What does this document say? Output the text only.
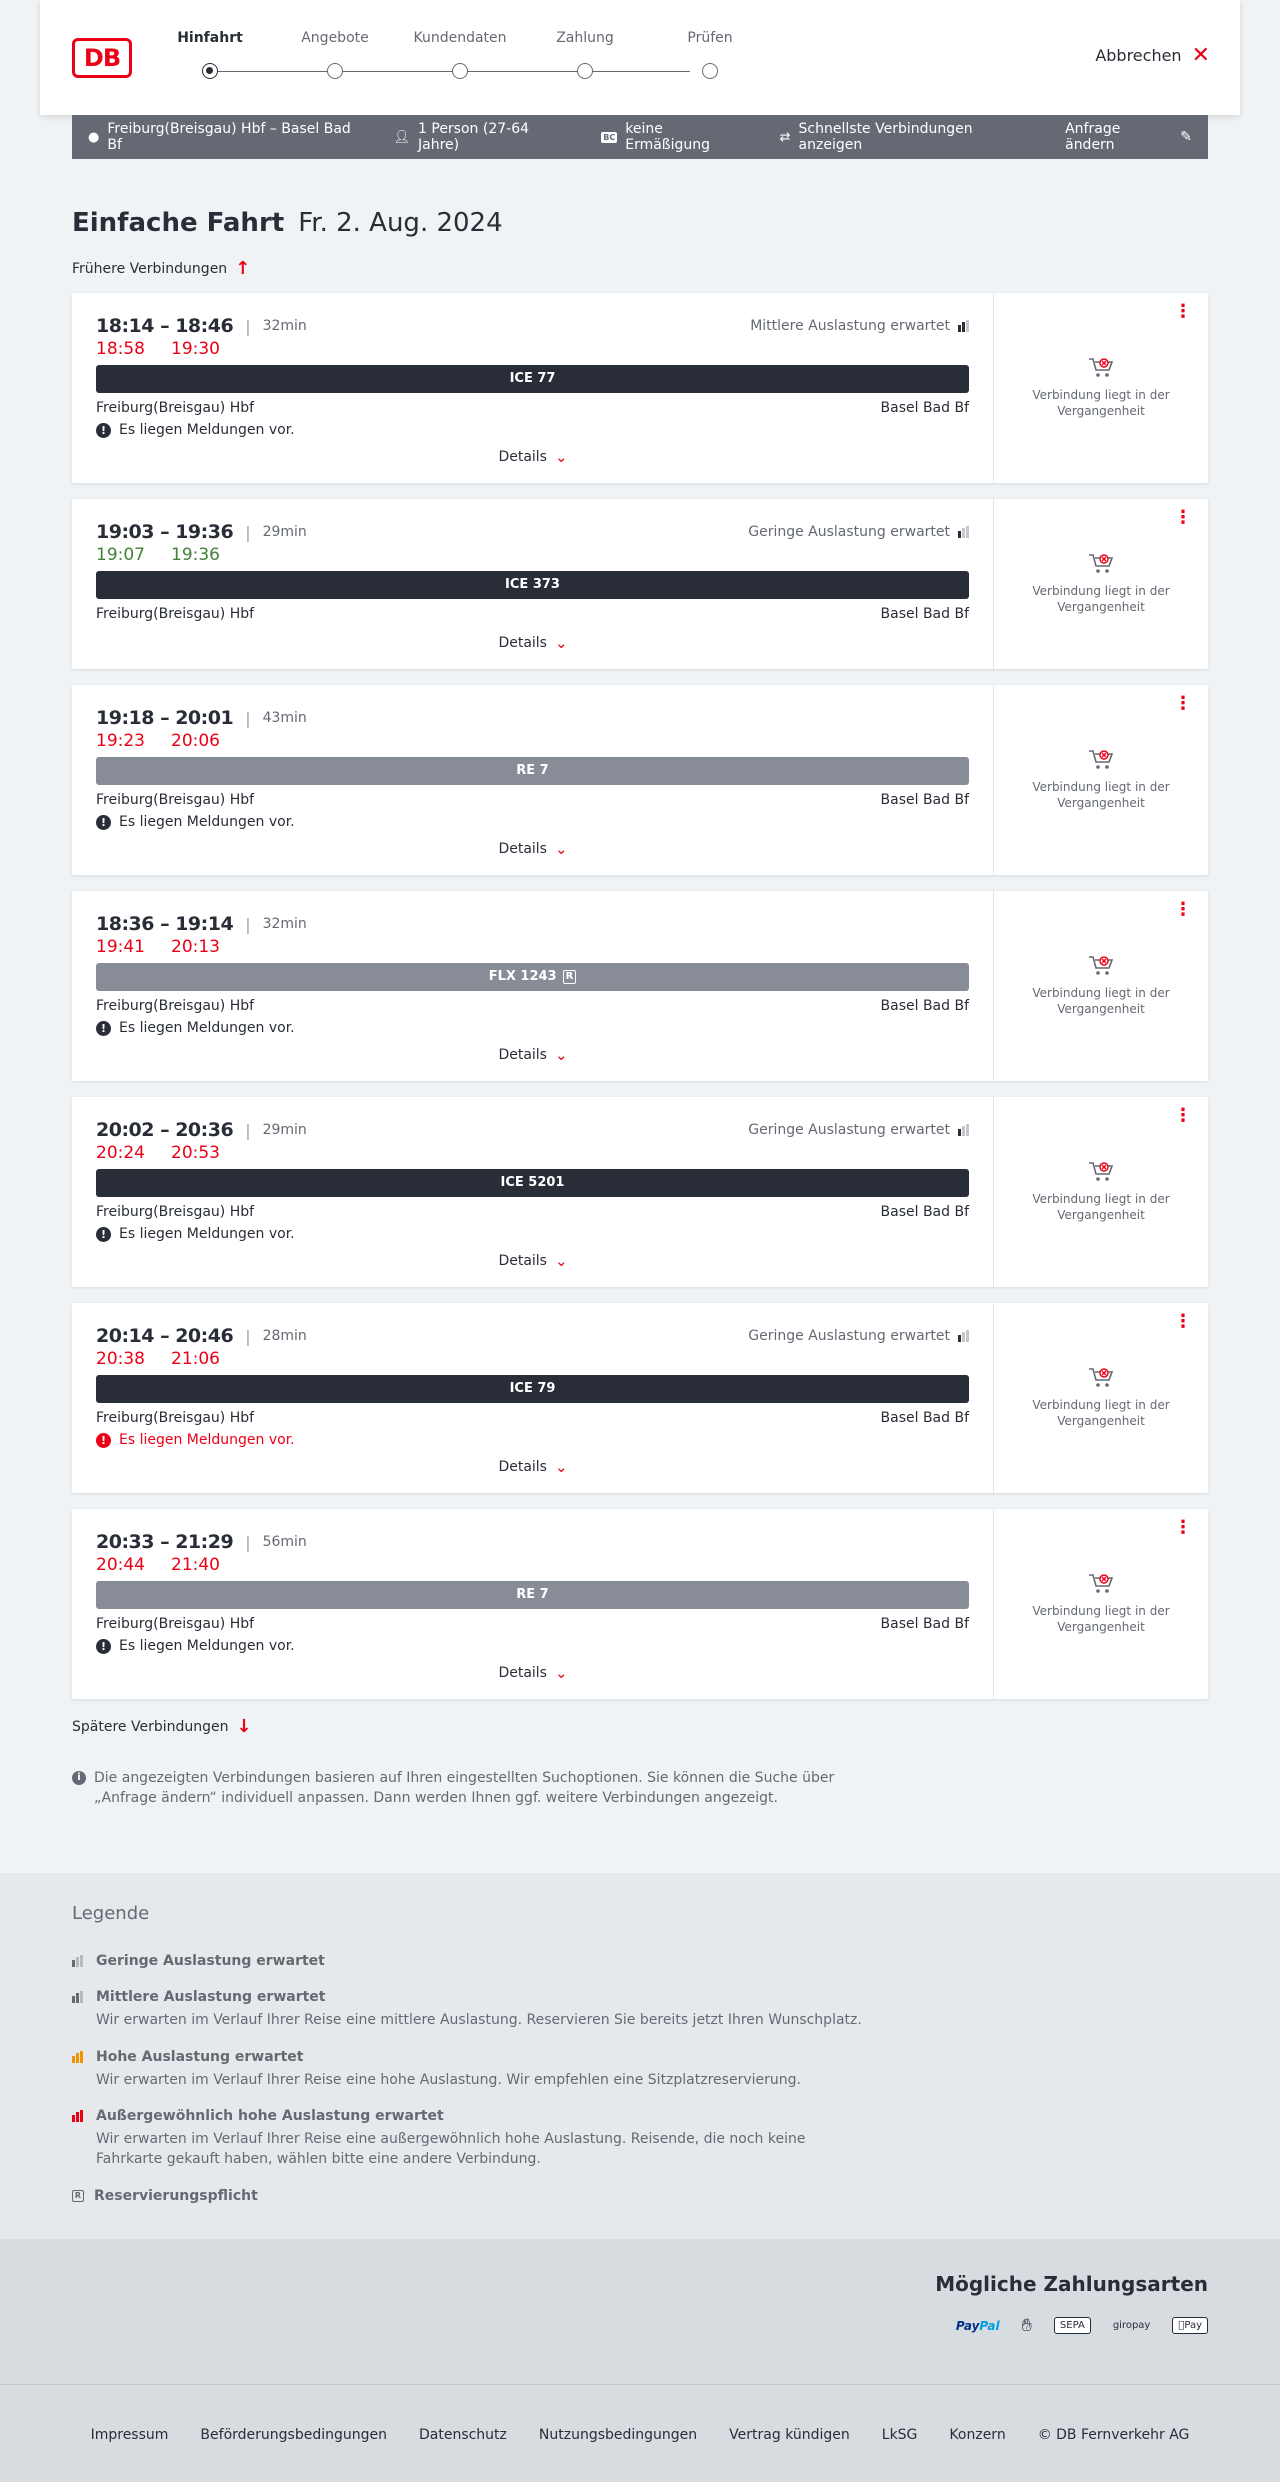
DB
Hinfahrt	Angebote	Kundendaten	Zahlung	Prüfen
Abbrechen ✕
● Freiburg(Breisgau) Hbf – Basel Bad Bf	👤︎ 1 Person (27-64 Jahre)	BC keine Ermäßigung	⇄ Schnellste Verbindungen anzeigen
Anfrage ändern	✎
Einfache Fahrt Fr. 2. Aug. 2024
Frühere Verbindungen ↑
18:14 – 18:46 | 32min
18:58 19:30
Mittlere Auslastung erwartet
ICE 77
Freiburg(Breisgau) Hbf	Basel Bad Bf
! Es liegen Meldungen vor.
Details ⌄
⋮
Verbindung liegt in der Vergangenheit
19:03 – 19:36 | 29min
19:07 19:36
Geringe Auslastung erwartet
ICE 373
Freiburg(Breisgau) Hbf	Basel Bad Bf
Details ⌄
⋮
Verbindung liegt in der Vergangenheit
19:18 – 20:01 | 43min
19:23 20:06
RE 7
Freiburg(Breisgau) Hbf	Basel Bad Bf
! Es liegen Meldungen vor.
Details ⌄
⋮
Verbindung liegt in der Vergangenheit
18:36 – 19:14 | 32min
19:41 20:13
FLX 1243 R
Freiburg(Breisgau) Hbf	Basel Bad Bf
! Es liegen Meldungen vor.
Details ⌄
⋮
Verbindung liegt in der Vergangenheit
20:02 – 20:36 | 29min
20:24 20:53
Geringe Auslastung erwartet
ICE 5201
Freiburg(Breisgau) Hbf	Basel Bad Bf
! Es liegen Meldungen vor.
Details ⌄
⋮
Verbindung liegt in der Vergangenheit
20:14 – 20:46 | 28min
20:38 21:06
Geringe Auslastung erwartet
ICE 79
Freiburg(Breisgau) Hbf	Basel Bad Bf
! Es liegen Meldungen vor.
Details ⌄
⋮
Verbindung liegt in der Vergangenheit
20:33 – 21:29 | 56min
20:44 21:40
RE 7
Freiburg(Breisgau) Hbf	Basel Bad Bf
! Es liegen Meldungen vor.
Details ⌄
⋮
Verbindung liegt in der Vergangenheit
Spätere Verbindungen ↓
i Die angezeigten Verbindungen basieren auf Ihren eingestellten Suchoptionen. Sie können die Suche über „Anfrage ändern“ individuell anpassen. Dann werden Ihnen ggf. weitere Verbindungen angezeigt.
Legende
Geringe Auslastung erwartet
Mittlere Auslastung erwartet
Wir erwarten im Verlauf Ihrer Reise eine mittlere Auslastung. Reservieren Sie bereits jetzt Ihren Wunschplatz.
Hohe Auslastung erwartet
Wir erwarten im Verlauf Ihrer Reise eine hohe Auslastung. Wir empfehlen eine Sitzplatzreservierung.
Außergewöhnlich hohe Auslastung erwartet
Wir erwarten im Verlauf Ihrer Reise eine außergewöhnlich hohe Auslastung. Reisende, die noch keine Fahrkarte gekauft haben, wählen bitte eine andere Verbindung.
R Reservierungspflicht
Mögliche Zahlungsarten
PayPal	✋︎	SEPA	giropay	Pay
Impressum Beförderungsbedingungen Datenschutz Nutzungsbedingungen Vertrag kündigen LkSG Konzern © DB Fernverkehr AG
